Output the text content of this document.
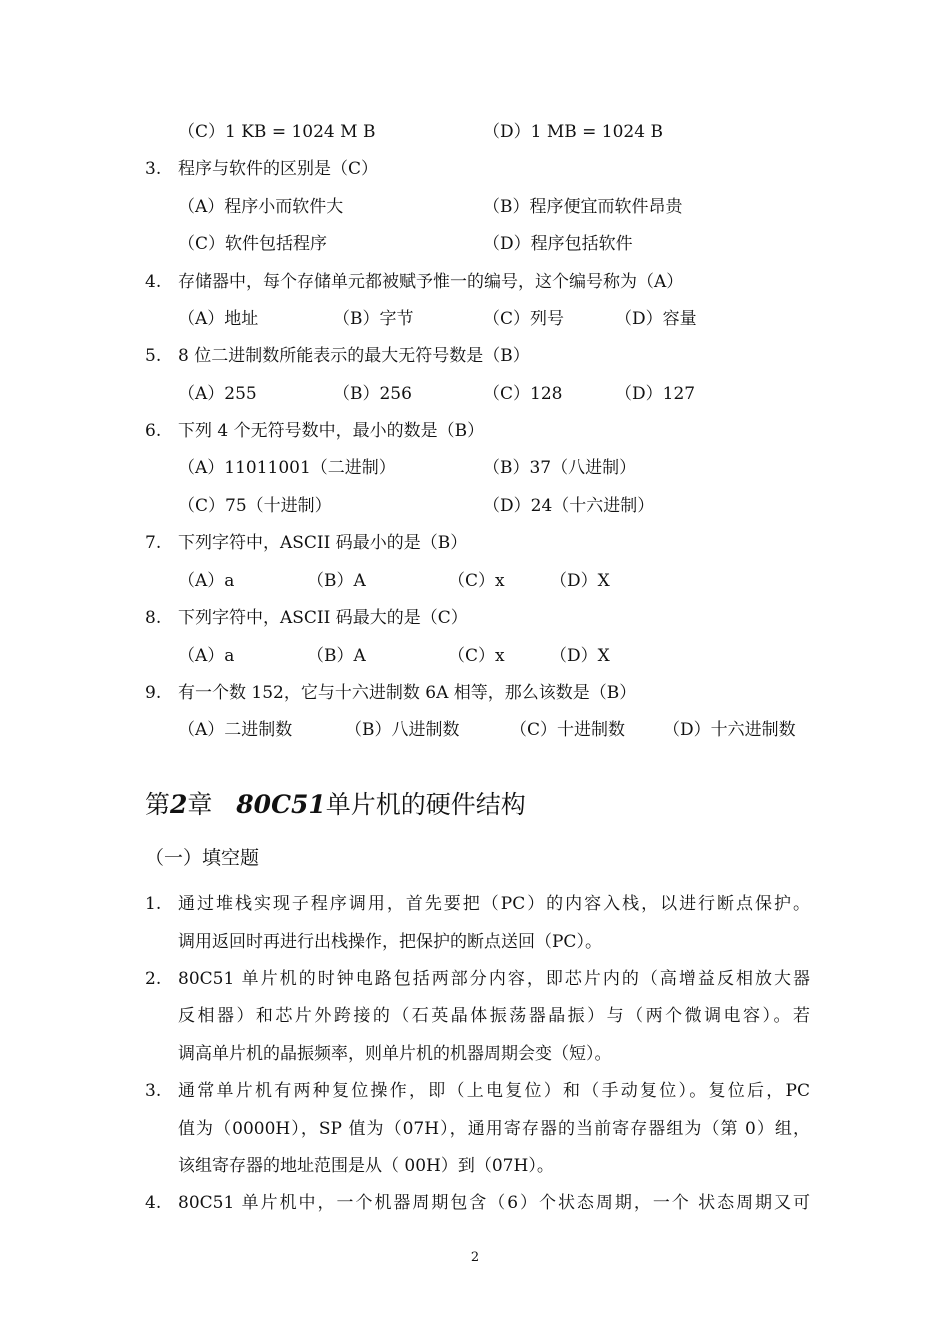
（C）1 KB = 1024 M B	（D）1 MB = 1024 B
3. 程序与软件的区别是（C）
（A）程序小而软件大	（B）程序便宜而软件昂贵
（C）软件包括程序	（D）程序包括软件
4. 存储器中，每个存储单元都被赋予惟一的编号，这个编号称为（A）
（A）地址	（B）字节	（C）列号	（D）容量
5. 8 位二进制数所能表示的最大无符号数是（B）
（A）255	（B）256	（C）128	（D）127
6. 下列 4 个无符号数中，最小的数是（B）
（A）11011001（二进制）	（B）37（八进制）
（C）75（十进制）	（D）24（十六进制）
7. 下列字符中，ASCII 码最小的是（B）
（A）a	（B）A	（C）x	（D）X
8. 下列字符中，ASCII 码最大的是（C）
（A）a	（B）A	（C）x	（D）X
9. 有一个数 152，它与十六进制数 6A 相等，那么该数是（B）
（A）二进制数	（B）八进制数	（C）十进制数 （D）十六进制数
第2章 80C51单片机的硬件结构
（一）填空题
1. 通过堆栈实现子程序调用，首先要把（PC）的内容入栈，以进行断点保护。
调用返回时再进行出栈操作，把保护的断点送回（PC）。
2. 80C51 单片机的时钟电路包括两部分内容，即芯片内的（高增益反相放大器
反相器）和芯片外跨接的（石英晶体振荡器晶振）与（两个微调电容）。若
调高单片机的晶振频率，则单片机的机器周期会变（短）。
3. 通常单片机有两种复位操作，即（上电复位）和（手动复位）。复位后，PC
值为（0000H），SP 值为（07H），通用寄存器的当前寄存器组为（第 0）组，
该组寄存器的地址范围是从（ 00H）到（07H）。
4. 80C51 单片机中，一个机器周期包含（6）个状态周期，一个 状态周期又可
2
